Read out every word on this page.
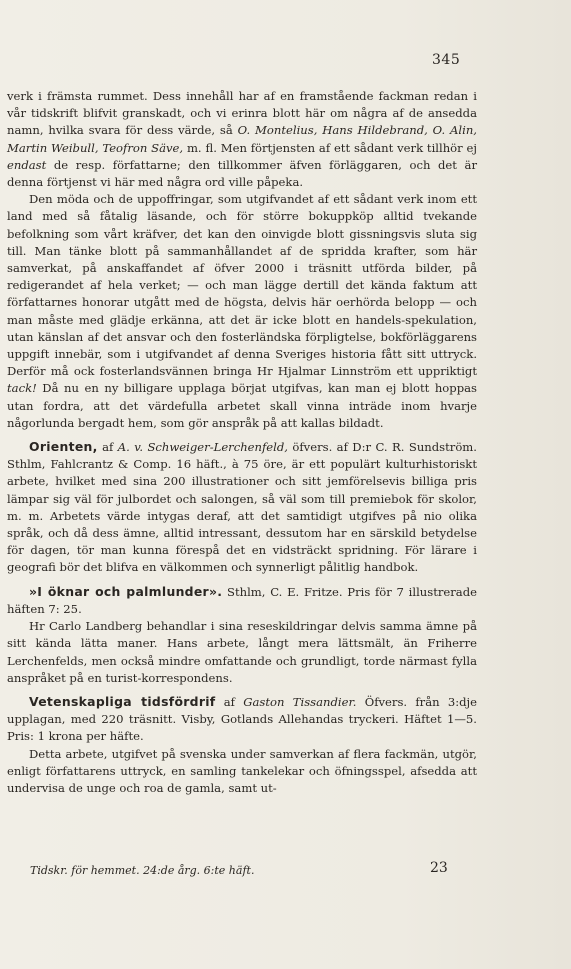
345

verk i främsta rummet. Dess innehåll har af en framstående fackman redan i vår tidskrift blifvit granskadt, och vi erinra blott här om några af de ansedda namn, hvilka svara för dess värde, så O. Montelius, Hans Hildebrand, O. Alin, Martin Weibull, Teofron Säve, m. fl. Men förtjensten af ett sådant verk tillhör ej endast de resp. författarne; den tillkommer äfven förläggaren, och det är denna förtjenst vi här med några ord ville påpeka.

Den möda och de uppoffringar, som utgifvandet af ett sådant verk inom ett land med så fåtalig läsande, och för större bokuppköp alltid tvekande befolkning som vårt kräfver, det kan den oinvigde blott gissningsvis sluta sig till. Man tänke blott på sammanhållandet af de spridda krafter, som här samverkat, på anskaffandet af öfver 2000 i träsnitt utförda bilder, på redigerandet af hela verket; — och man lägge dertill det kända faktum att författarnes honorar utgått med de högsta, delvis här oerhörda belopp — och man måste med glädje erkänna, att det är icke blott en handels-spekulation, utan känslan af det ansvar och den fosterländska förpligtelse, bokförläggarens uppgift innebär, som i utgifvandet af denna Sveriges historia fått sitt uttryck. Derför må ock fosterlandsvännen bringa Hr Hjalmar Linnström ett uppriktigt tack! Då nu en ny billigare upplaga börjat utgifvas, kan man ej blott hoppas utan fordra, att det värdefulla arbetet skall vinna inträde inom hvarje någorlunda bergadt hem, som gör anspråk på att kallas bildadt.

Orienten, af A. v. Schweiger-Lerchenfeld, öfvers. af D:r C. R. Sundström. Sthlm, Fahlcrantz & Comp. 16 häft., à 75 öre, är ett populärt kulturhistoriskt arbete, hvilket med sina 200 illustrationer och sitt jemförelsevis billiga pris lämpar sig väl för julbordet och salongen, så väl som till premiebok för skolor, m. m. Arbetets värde intygas deraf, att det samtidigt utgifves på nio olika språk, och då dess ämne, alltid intressant, dessutom har en särskild betydelse för dagen, tör man kunna förespå det en vidsträckt spridning. För lärare i geografi bör det blifva en välkommen och synnerligt pålitlig handbok.

»I öknar och palmlunder». Sthlm, C. E. Fritze. Pris för 7 illustrerade häften 7: 25.

Hr Carlo Landberg behandlar i sina reseskildringar delvis samma ämne på sitt kända lätta maner. Hans arbete, långt mera lättsmält, än Friherre Lerchenfelds, men också mindre omfattande och grundligt, torde närmast fylla anspråket på en turist-korrespondens.

Vetenskapliga tidsfördrif af Gaston Tissandier. Öfvers. från 3:dje upplagan, med 220 träsnitt. Visby, Gotlands Allehandas tryckeri. Häftet 1—5. Pris: 1 krona per häfte.

Detta arbete, utgifvet på svenska under samverkan af flera fackmän, utgör, enligt författarens uttryck, en samling tankelekar och öfningsspel, afsedda att undervisa de unge och roa de gamla, samt ut-

Tidskr. för hemmet. 24:de årg. 6:te häft.	23
